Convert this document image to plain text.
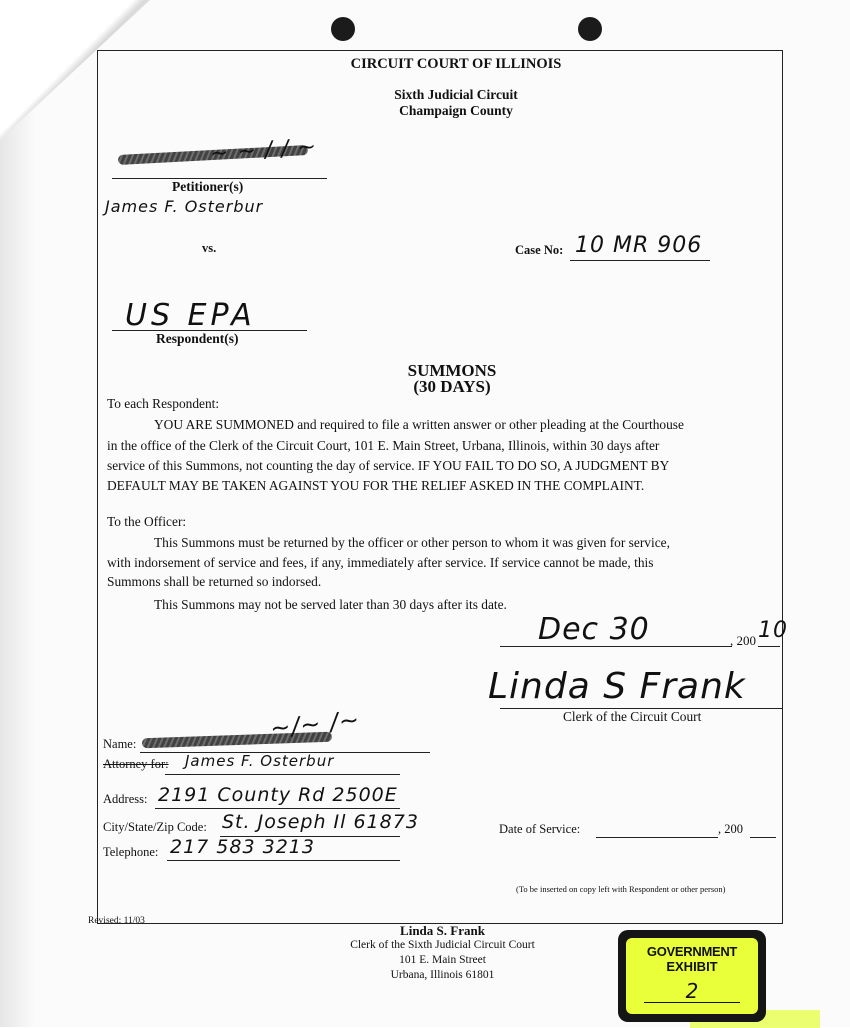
CIRCUIT COURT OF ILLINOIS
Sixth Judicial Circuit
Champaign County
~ ~ ∕ ∕ ~
Petitioner(s)
James F. Osterbur
vs.	Case No: 10 MR 906
US EPA
Respondent(s)
SUMMONS
(30 DAYS)
To each Respondent:
YOU ARE SUMMONED and required to file a written answer or other pleading at the Courthouse
in the office of the Clerk of the Circuit Court, 101 E. Main Street, Urbana, Illinois, within 30 days after
service of this Summons, not counting the day of service. IF YOU FAIL TO DO SO, A JUDGMENT BY
DEFAULT MAY BE TAKEN AGAINST YOU FOR THE RELIEF ASKED IN THE COMPLAINT.
To the Officer:
This Summons must be returned by the officer or other person to whom it was given for service,
with indorsement of service and fees, if any, immediately after service. If service cannot be made, this
Summons shall be returned so indorsed.
This Summons may not be served later than 30 days after its date.
Dec 30	, 200 10
Linda S Frank
Clerk of the Circuit Court
~∕~ ∕~
Name:
Attorney for: James F. Osterbur
Address: 2191 County Rd 2500E
City/State/Zip Code: St. Joseph Il 61873
Telephone: 217 583 3213
Date of Service:	, 200
(To be inserted on copy left with Respondent or other person)
Revised: 11/03
Linda S. Frank
Clerk of the Sixth Judicial Circuit Court
101 E. Main Street
Urbana, Illinois 61801
GOVERNMENT
EXHIBIT
2
